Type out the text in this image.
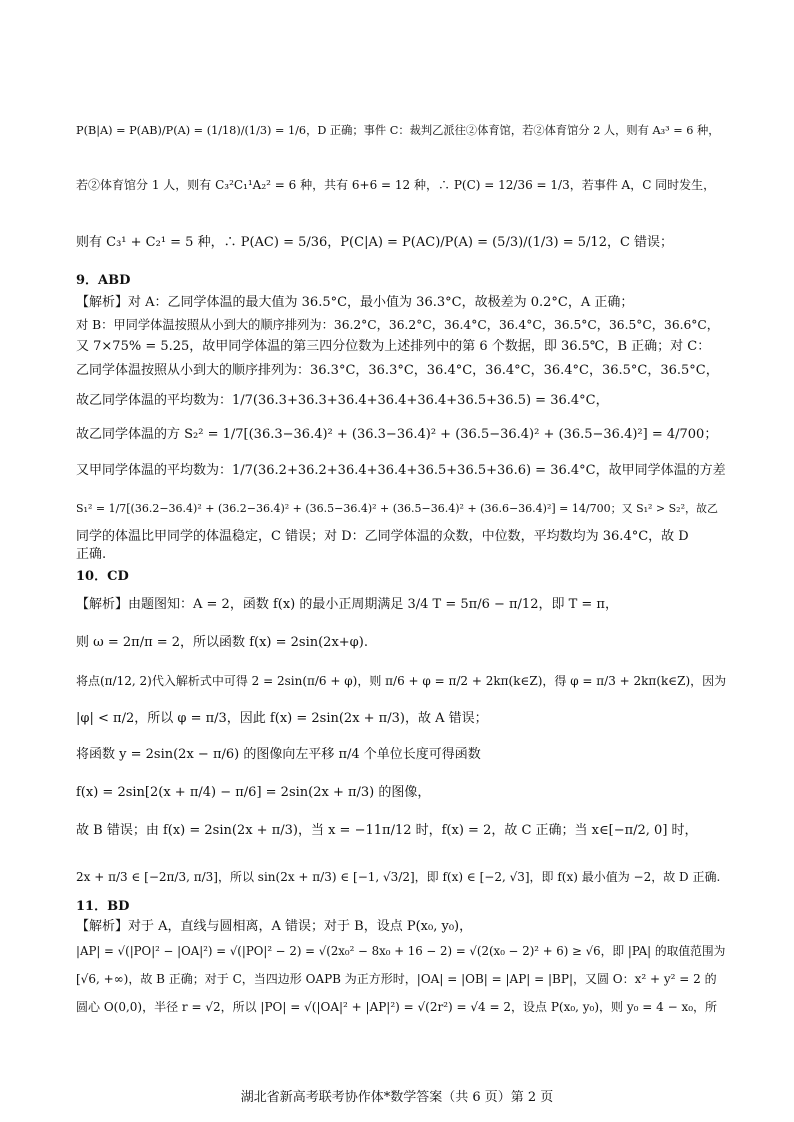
P(B|A) = P(AB)/P(A) = (1/18)/(1/3) = 1/6，D 正确；事件 C：裁判乙派往②体育馆，若②体育馆分 2 人，则有 A₃³ = 6 种，
若②体育馆分 1 人，则有 C₃²C₁¹A₂² = 6 种，共有 6+6 = 12 种，∴ P(C) = 12/36 = 1/3，若事件 A，C 同时发生，
则有 C₃¹ + C₂¹ = 5 种，∴ P(AC) = 5/36，P(C|A) = P(AC)/P(A) = (5/3)/(1/3) = 5/12，C 错误；
9．ABD
【解析】对 A：乙同学体温的最大值为 36.5°C，最小值为 36.3°C，故极差为 0.2°C，A 正确；
对 B：甲同学体温按照从小到大的顺序排列为：36.2°C，36.2°C，36.4°C，36.4°C，36.5°C，36.5°C，36.6°C，
又 7×75% = 5.25，故甲同学体温的第三四分位数为上述排列中的第 6 个数据，即 36.5℃，B 正确；对 C：
乙同学体温按照从小到大的顺序排列为：36.3°C，36.3°C，36.4°C，36.4°C，36.4°C，36.5°C，36.5°C，
故乙同学体温的平均数为：1/7(36.3+36.3+36.4+36.4+36.4+36.5+36.5) = 36.4°C，
故乙同学体温的方 S₂² = 1/7[(36.3−36.4)² + (36.3−36.4)² + (36.5−36.4)² + (36.5−36.4)²] = 4/700；
又甲同学体温的平均数为：1/7(36.2+36.2+36.4+36.4+36.5+36.5+36.6) = 36.4°C，故甲同学体温的方差
S₁² = 1/7[(36.2−36.4)² + (36.2−36.4)² + (36.5−36.4)² + (36.5−36.4)² + (36.6−36.4)²] = 14/700；又 S₁² > S₂²，故乙
同学的体温比甲同学的体温稳定，C 错误；对 D：乙同学体温的众数，中位数，平均数均为 36.4°C，故 D
正确.
10．CD
【解析】由题图知：A = 2，函数 f(x) 的最小正周期满足 3/4 T = 5π/6 − π/12，即 T = π，
则 ω = 2π/π = 2，所以函数 f(x) = 2sin(2x+φ).
将点(π/12, 2)代入解析式中可得 2 = 2sin(π/6 + φ)，则 π/6 + φ = π/2 + 2kπ(k∈Z)，得 φ = π/3 + 2kπ(k∈Z)，因为
|φ| < π/2，所以 φ = π/3，因此 f(x) = 2sin(2x + π/3)，故 A 错误；
将函数 y = 2sin(2x − π/6) 的图像向左平移 π/4 个单位长度可得函数
f(x) = 2sin[2(x + π/4) − π/6] = 2sin(2x + π/3) 的图像，
故 B 错误；由 f(x) = 2sin(2x + π/3)，当 x = −11π/12 时，f(x) = 2，故 C 正确；当 x∈[−π/2, 0] 时，
2x + π/3 ∈ [−2π/3, π/3]，所以 sin(2x + π/3) ∈ [−1, √3/2]，即 f(x) ∈ [−2, √3]，即 f(x) 最小值为 −2，故 D 正确.
11．BD
【解析】对于 A，直线与圆相离，A 错误；对于 B，设点 P(x₀, y₀)，
|AP| = √(|PO|² − |OA|²) = √(|PO|² − 2) = √(2x₀² − 8x₀ + 16 − 2) = √(2(x₀ − 2)² + 6) ≥ √6，即 |PA| 的取值范围为
[√6, +∞)，故 B 正确；对于 C，当四边形 OAPB 为正方形时，|OA| = |OB| = |AP| = |BP|，又圆 O：x² + y² = 2 的
圆心 O(0,0)，半径 r = √2，所以 |PO| = √(|OA|² + |AP|²) = √(2r²) = √4 = 2，设点 P(x₀, y₀)，则 y₀ = 4 − x₀，所
湖北省新高考联考协作体*数学答案（共 6 页）第 2 页
